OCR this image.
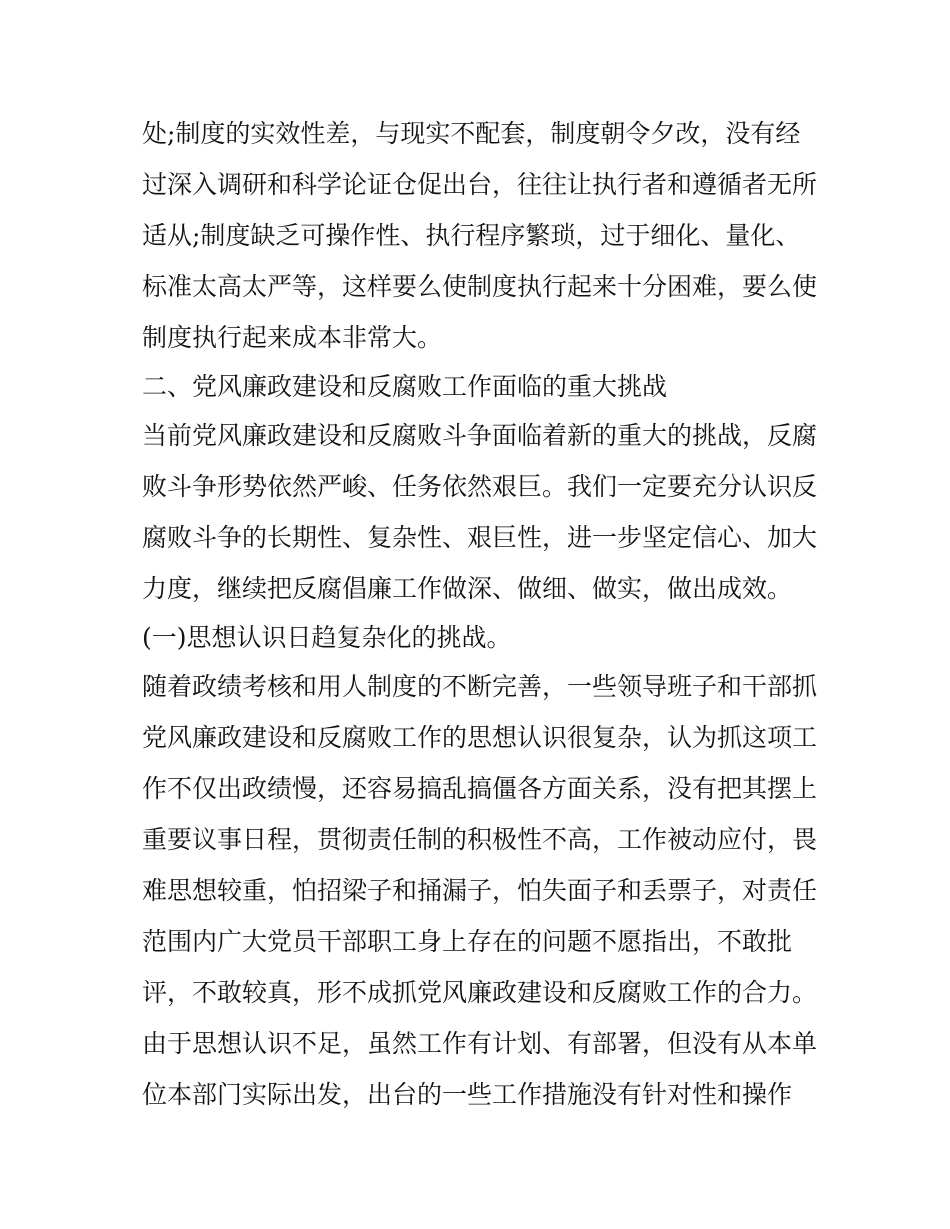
处;制度的实效性差，与现实不配套，制度朝令夕改，没有经
过深入调研和科学论证仓促出台，往往让执行者和遵循者无所
适从;制度缺乏可操作性、执行程序繁琐，过于细化、量化、
标准太高太严等，这样要么使制度执行起来十分困难，要么使
制度执行起来成本非常大。
二、党风廉政建设和反腐败工作面临的重大挑战
当前党风廉政建设和反腐败斗争面临着新的重大的挑战，反腐
败斗争形势依然严峻、任务依然艰巨。我们一定要充分认识反
腐败斗争的长期性、复杂性、艰巨性，进一步坚定信心、加大
力度，继续把反腐倡廉工作做深、做细、做实，做出成效。
(一)思想认识日趋复杂化的挑战。
随着政绩考核和用人制度的不断完善，一些领导班子和干部抓
党风廉政建设和反腐败工作的思想认识很复杂，认为抓这项工
作不仅出政绩慢，还容易搞乱搞僵各方面关系，没有把其摆上
重要议事日程，贯彻责任制的积极性不高，工作被动应付，畏
难思想较重，怕招梁子和捅漏子，怕失面子和丢票子，对责任
范围内广大党员干部职工身上存在的问题不愿指出，不敢批
评，不敢较真，形不成抓党风廉政建设和反腐败工作的合力。
由于思想认识不足，虽然工作有计划、有部署，但没有从本单
位本部门实际出发，出台的一些工作措施没有针对性和操作
